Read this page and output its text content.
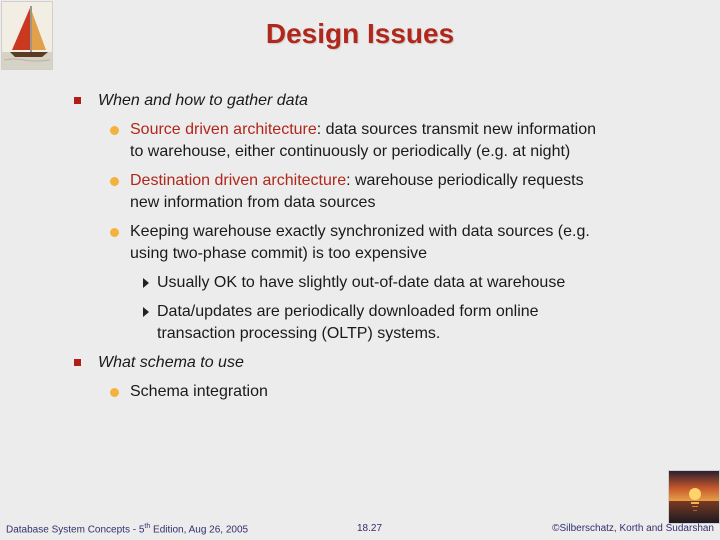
Design Issues
When and how to gather data
Source driven architecture: data sources transmit new information
to warehouse, either continuously or periodically (e.g. at night)
Destination driven architecture: warehouse periodically requests
new information from data sources
Keeping warehouse exactly synchronized with data sources (e.g.
using two-phase commit) is too expensive
Usually OK to have slightly out-of-date data at warehouse
Data/updates are periodically downloaded form online
transaction processing (OLTP) systems.
What schema to use
Schema integration
Database System Concepts - 5th Edition, Aug 26, 2005	18.27	©Silberschatz, Korth and Sudarshan
